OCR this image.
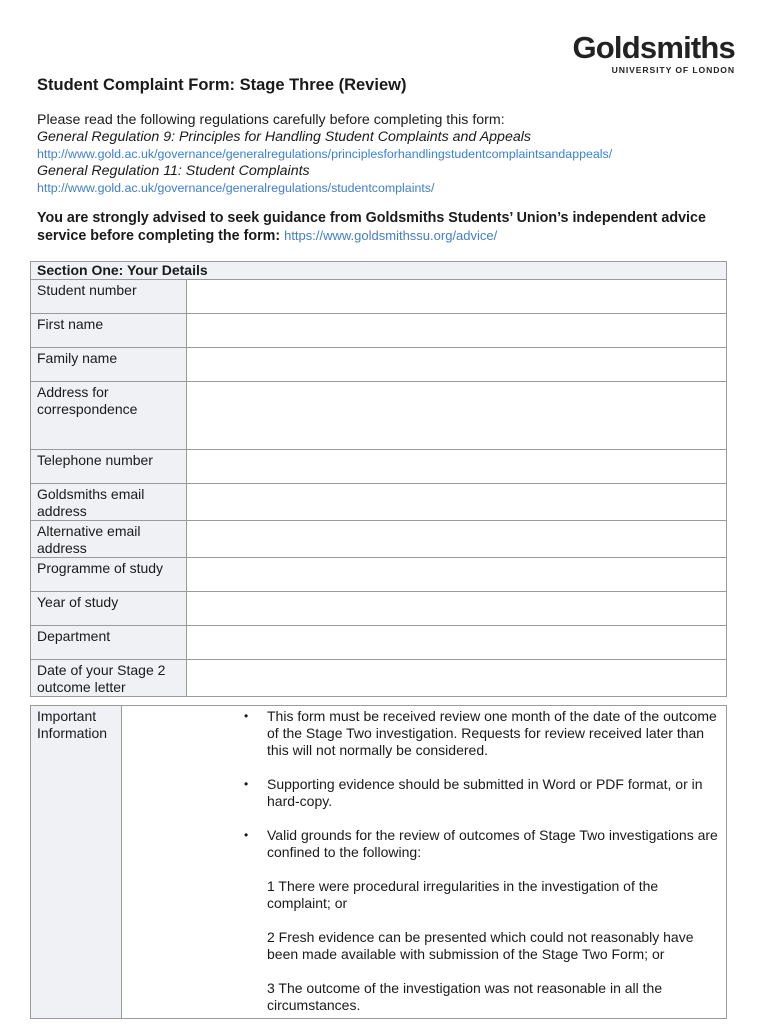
Goldsmiths
UNIVERSITY OF LONDON
Student Complaint Form: Stage Three (Review)
Please read the following regulations carefully before completing this form:
General Regulation 9: Principles for Handling Student Complaints and Appeals
http://www.gold.ac.uk/governance/generalregulations/principlesforhandlingstudentcomplaintsandappeals/
General Regulation 11: Student Complaints
http://www.gold.ac.uk/governance/generalregulations/studentcomplaints/
You are strongly advised to seek guidance from Goldsmiths Students’ Union’s independent advice service before completing the form: https://www.goldsmithssu.org/advice/
Section One: Your Details	
Student number	
First name	
Family name	
Address for correspondence	
Telephone number	
Goldsmiths email address	
Alternative email address	
Programme of study	
Year of study	
Department	
Date of your Stage 2 outcome letter	
Important Information	
• This form must be received review one month of the date of the outcome of the Stage Two investigation. Requests for review received later than this will not normally be considered.

• Supporting evidence should be submitted in Word or PDF format, or in hard-copy.

• Valid grounds for the review of outcomes of Stage Two investigations are confined to the following:

1 There were procedural irregularities in the investigation of the complaint; or

2 Fresh evidence can be presented which could not reasonably have been made available with submission of the Stage Two Form; or

3 The outcome of the investigation was not reasonable in all the circumstances.
